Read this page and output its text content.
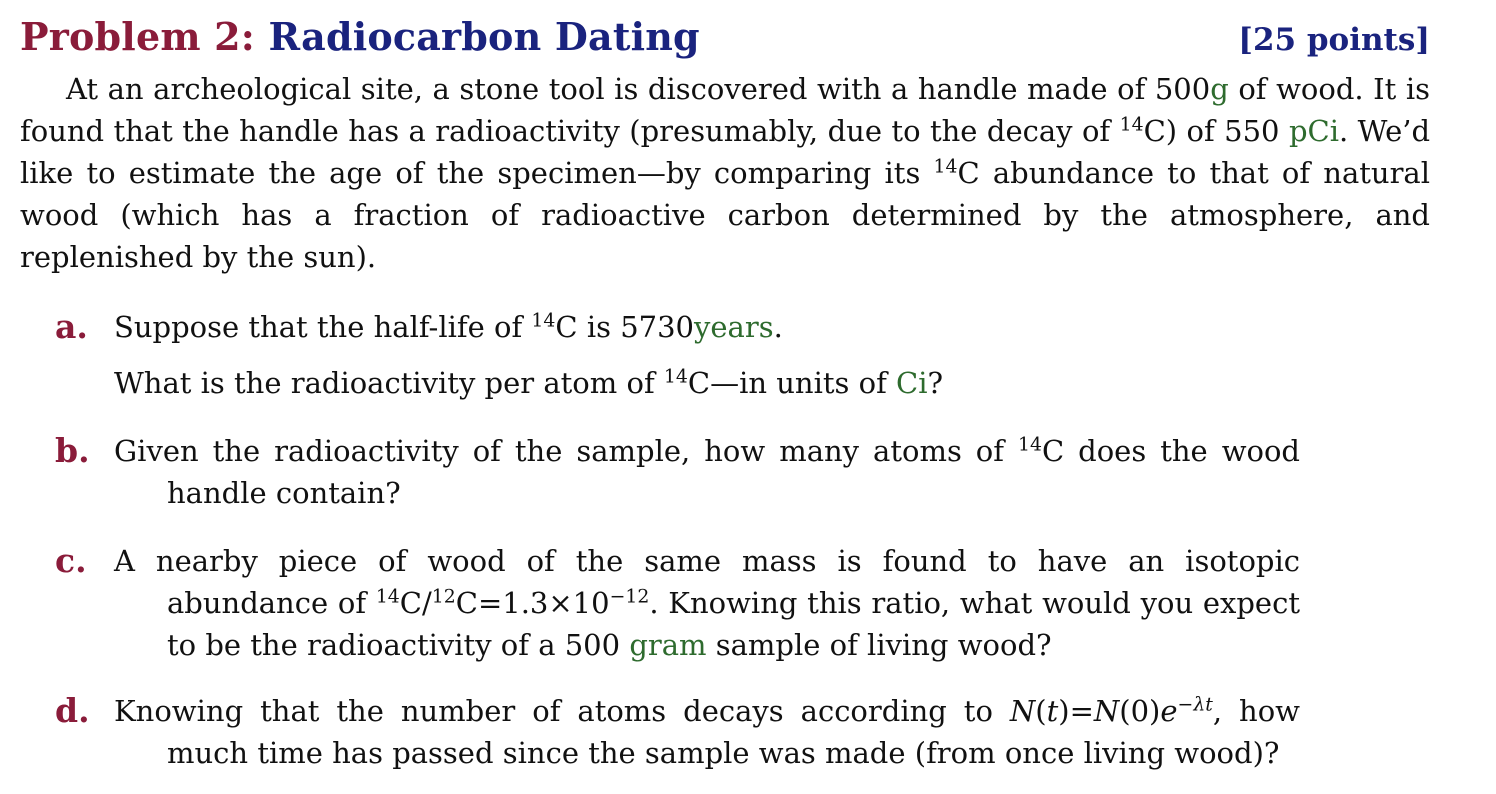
Problem 2: Radiocarbon Dating	[25 points]

At an archeological site, a stone tool is discovered with a handle made of 500g of wood. It is found that the handle has a radioactivity (presumably, due to the decay of $^{14}$C) of 550 pCi. We’d like to estimate the age of the specimen—by comparing its $^{14}$C abundance to that of natural wood (which has a fraction of radioactive carbon determined by the atmosphere, and replenished by the sun).

a. Suppose that the half-life of $^{14}$C is 5730years.
What is the radioactivity per atom of $^{14}$C—in units of Ci?
b. Given the radioactivity of the sample, how many atoms of $^{14}$C does the wood handle contain?
c. A nearby piece of wood of the same mass is found to have an isotopic abundance of $^{14}C/^{12}C=1.3\times 10^{-12}$. Knowing this ratio, what would you expect to be the radioactivity of a 500 gram sample of living wood?
d. Knowing that the number of atoms decays according to $N(t)=N(0)e^{-\lambda t}$, how much time has passed since the sample was made (from once living wood)?
